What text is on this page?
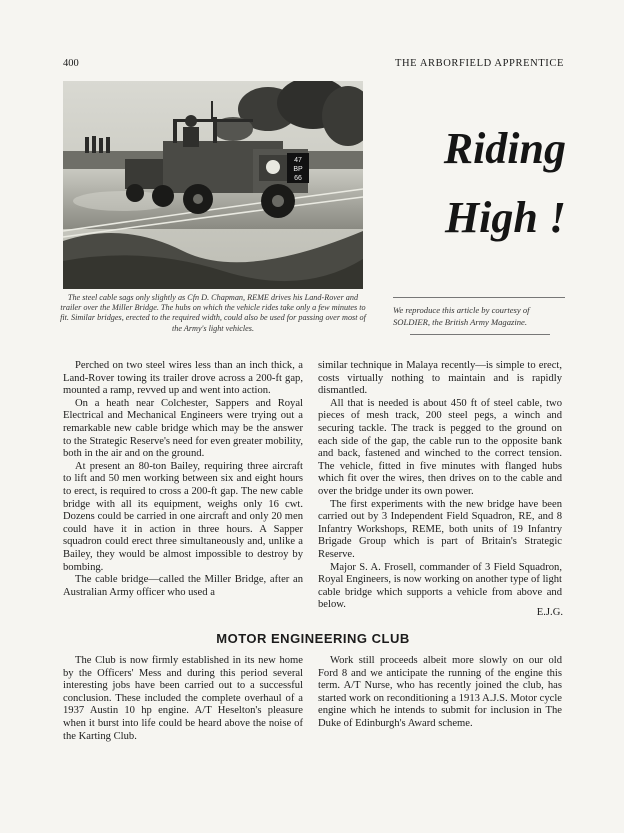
400	THE ARBORFIELD APPRENTICE
47
BP
66
The steel cable sags only slightly as Cfn D. Chapman, REME drives his Land-Rover and trailer over the Miller Bridge. The hubs on which the vehicle rides take only a few minutes to fit. Similar bridges, erected to the required width, could also be used for passing over most of the Army's light vehicles.
Riding
High !
We reproduce this article by courtesy of SOLDIER, the British Army Magazine.

Perched on two steel wires less than an inch thick, a Land-Rover towing its trailer drove across a 200-ft gap, mounted a ramp, revved up and went into action.

On a heath near Colchester, Sappers and Royal Electrical and Mechanical Engineers were trying out a remarkable new cable bridge which may be the answer to the Strategic Reserve's need for even greater mobility, both in the air and on the ground.

At present an 80-ton Bailey, requiring three aircraft to lift and 50 men working between six and eight hours to erect, is required to cross a 200-ft gap. The new cable bridge with all its equipment, weighs only 16 cwt. Dozens could be carried in one aircraft and only 20 men could have it in action in three hours. A Sapper squadron could erect three simultaneously and, unlike a Bailey, they would be almost impossible to destroy by bombing.

The cable bridge—called the Miller Bridge, after an Australian Army officer who used a

similar technique in Malaya recently—is simple to erect, costs virtually nothing to maintain and is rapidly dismantled.

All that is needed is about 450 ft of steel cable, two pieces of mesh track, 200 steel pegs, a winch and securing tackle. The track is pegged to the ground on each side of the gap, the cable run to the opposite bank and back, fastened and winched to the correct tension. The vehicle, fitted in five minutes with flanged hubs which fit over the wires, then drives on to the cable and over the bridge under its own power.

The first experiments with the new bridge have been carried out by 3 Independent Field Squadron, RE, and 8 Infantry Workshops, REME, both units of 19 Infantry Brigade Group which is part of Britain's Strategic Reserve.

Major S. A. Frosell, commander of 3 Field Squadron, Royal Engineers, is now working on another type of light cable bridge which supports a vehicle from above and below.

E.J.G.
MOTOR ENGINEERING CLUB

The Club is now firmly established in its new home by the Officers' Mess and during this period several interesting jobs have been carried out to a successful conclusion. These included the complete overhaul of a 1937 Austin 10 hp engine. A/T Heselton's pleasure when it burst into life could be heard above the noise of the Karting Club.

Work still proceeds albeit more slowly on our old Ford 8 and we anticipate the running of the engine this term. A/T Nurse, who has recently joined the club, has started work on reconditioning a 1913 A.J.S. Motor cycle engine which he intends to submit for inclusion in The Duke of Edinburgh's Award scheme.
